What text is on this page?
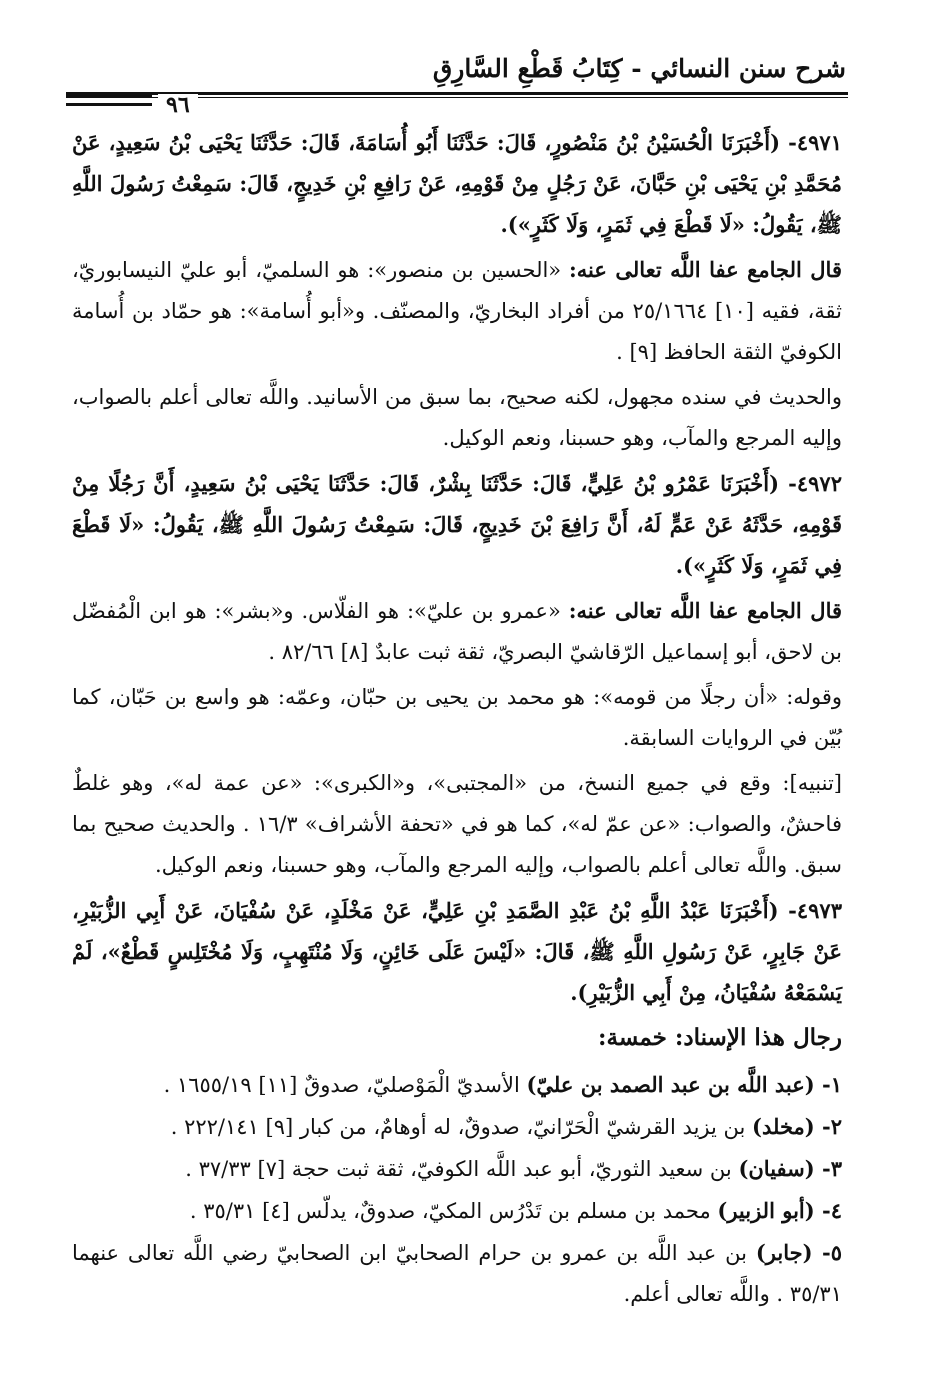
شرح سنن النسائي - كِتَابُ قَطْعِ السَّارِقِ
٩٦

٤٩٧١- (أَخْبَرَنَا الْحُسَيْنُ بْنُ مَنْصُورٍ، قَالَ: حَدَّثَنَا أَبُو أُسَامَةَ، قَالَ: حَدَّثَنَا يَحْيَى بْنُ سَعِيدٍ، عَنْ مُحَمَّدِ بْنِ يَحْيَى بْنِ حَبَّانَ، عَنْ رَجُلٍ مِنْ قَوْمِهِ، عَنْ رَافِعِ بْنِ خَدِيجٍ، قَالَ: سَمِعْتُ رَسُولَ اللَّهِ ﷺ، يَقُولُ: «لَا قَطْعَ فِي ثَمَرٍ، وَلَا كَثَرٍ»).

قال الجامع عفا اللَّه تعالى عنه: «الحسين بن منصور»: هو السلميّ، أبو عليّ النيسابوريّ، ثقة، فقيه [١٠] ٢٥/١٦٦٤ من أفراد البخاريّ، والمصنّف. و«أبو أُسامة»: هو حمّاد بن أُسامة الكوفيّ الثقة الحافظ [٩] .

والحديث في سنده مجهول، لكنه صحيح، بما سبق من الأسانيد. واللَّه تعالى أعلم بالصواب، وإليه المرجع والمآب، وهو حسبنا، ونعم الوكيل.

٤٩٧٢- (أَخْبَرَنَا عَمْرُو بْنُ عَلِيٍّ، قَالَ: حَدَّثَنَا بِشْرٌ، قَالَ: حَدَّثَنَا يَحْيَى بْنُ سَعِيدٍ، أَنَّ رَجُلًا مِنْ قَوْمِهِ، حَدَّثَهُ عَنْ عَمٍّ لَهُ، أَنَّ رَافِعَ بْنَ خَدِيجٍ، قَالَ: سَمِعْتُ رَسُولَ اللَّهِ ﷺ، يَقُولُ: «لَا قَطْعَ فِي ثَمَرٍ، وَلَا كَثَرٍ»).

قال الجامع عفا اللَّه تعالى عنه: «عمرو بن عليّ»: هو الفلّاس. و«بشر»: هو ابن الْمُفضّل بن لاحق، أبو إسماعيل الرّقاشيّ البصريّ، ثقة ثبت عابدٌ [٨] ٨٢/٦٦ .

وقوله: «أن رجلًا من قومه»: هو محمد بن يحيى بن حبّان، وعمّه: هو واسع بن حَبّان، كما بُيّن في الروايات السابقة.

[تنبيه]: وقع في جميع النسخ، من «المجتبى»، و«الكبرى»: «عن عمة له»، وهو غلطٌ فاحشٌ، والصواب: «عن عمّ له»، كما هو في «تحفة الأشراف» ١٦/٣ . والحديث صحيح بما سبق. واللَّه تعالى أعلم بالصواب، وإليه المرجع والمآب، وهو حسبنا، ونعم الوكيل.

٤٩٧٣- (أَخْبَرَنَا عَبْدُ اللَّهِ بْنُ عَبْدِ الصَّمَدِ بْنِ عَلِيٍّ، عَنْ مَخْلَدٍ، عَنْ سُفْيَانَ، عَنْ أَبِي الزُّبَيْرِ، عَنْ جَابِرٍ، عَنْ رَسُولِ اللَّهِ ﷺ، قَالَ: «لَيْسَ عَلَى خَائِنٍ، وَلَا مُنْتَهِبٍ، وَلَا مُخْتَلِسٍ قَطْعٌ»، لَمْ يَسْمَعْهُ سُفْيَانُ، مِنْ أَبِي الزُّبَيْرِ).

رجال هذا الإسناد: خمسة:

١- (عبد اللَّه بن عبد الصمد بن عليّ) الأسديّ الْمَوْصليّ، صدوقٌ [١١] ١٦٥٥/١٩ .

٢- (مخلد) بن يزيد القرشيّ الْحَرّانيّ، صدوقٌ، له أوهامٌ، من كبار [٩] ٢٢٢/١٤١ .

٣- (سفيان) بن سعيد الثوريّ، أبو عبد اللَّه الكوفيّ، ثقة ثبت حجة [٧] ٣٧/٣٣ .

٤- (أبو الزبير) محمد بن مسلم بن تَدْرُس المكيّ، صدوقٌ، يدلّس [٤] ٣٥/٣١ .

٥- (جابر) بن عبد اللَّه بن عمرو بن حرام الصحابيّ ابن الصحابيّ رضي اللَّه تعالى عنهما ٣٥/٣١ . واللَّه تعالى أعلم.
